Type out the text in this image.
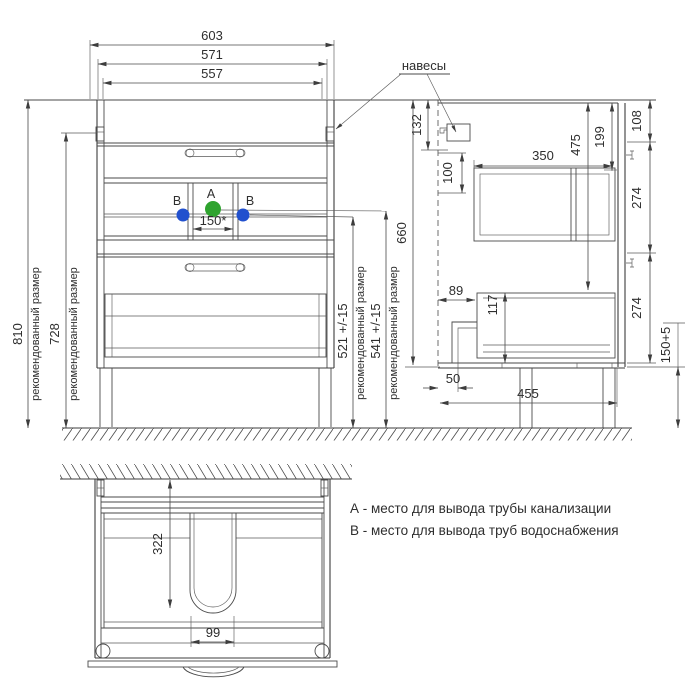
603
571
557
A
B	B
150*
810 рекомендованный размер 728 рекомендованный размер	521 +/-15 рекомендованный размер 541 +/-15 рекомендованный размер
660
132
навесы
100
350 475 199
108
274
274
89
117
50
455
150+5
322
99
А - место для вывода трубы канализации
В - место для вывода труб водоснабжения
